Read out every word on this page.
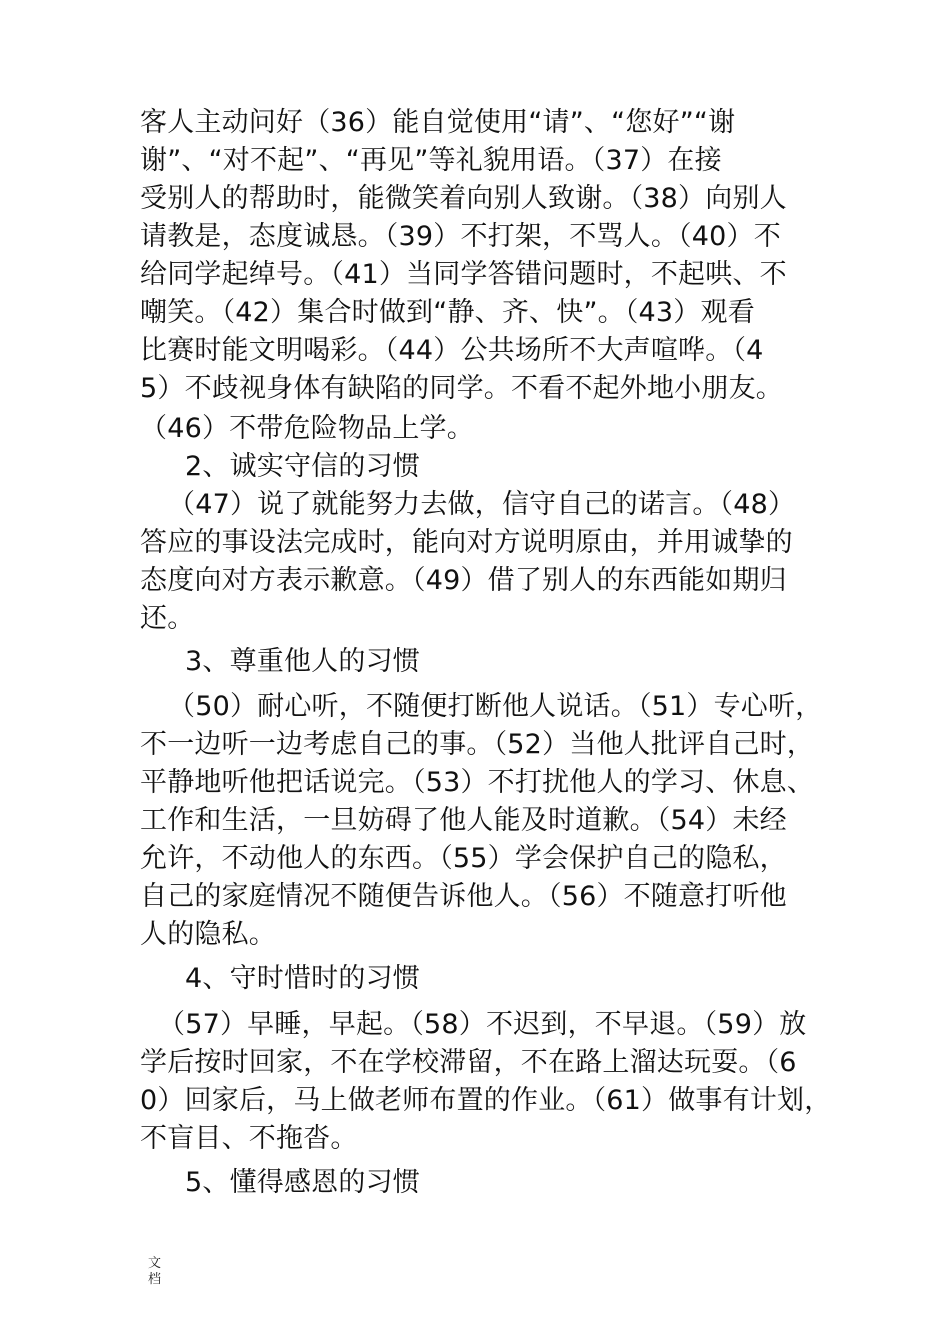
客人主动问好（36）能自觉使用“请”、“您好”“谢
谢”、“对不起”、“再见”等礼貌用语。（37）在接
受别人的帮助时，能微笑着向别人致谢。（38）向别人
请教是，态度诚恳。（39）不打架，不骂人。（40）不
给同学起绰号。（41）当同学答错问题时，不起哄、不
嘲笑。（42）集合时做到“静、齐、快”。（43）观看
比赛时能文明喝彩。（44）公共场所不大声喧哗。（4
5）不歧视身体有缺陷的同学。不看不起外地小朋友。
（46）不带危险物品上学。
2、诚实守信的习惯
（47）说了就能努力去做，信守自己的诺言。（48）
答应的事设法完成时，能向对方说明原由，并用诚挚的
态度向对方表示歉意。（49）借了别人的东西能如期归
还。
3、尊重他人的习惯
（50）耐心听，不随便打断他人说话。（51）专心听，
不一边听一边考虑自己的事。（52）当他人批评自己时，
平静地听他把话说完。（53）不打扰他人的学习、休息、
工作和生活，一旦妨碍了他人能及时道歉。（54）未经
允许，不动他人的东西。（55）学会保护自己的隐私，
自己的家庭情况不随便告诉他人。（56）不随意打听他
人的隐私。
4、守时惜时的习惯
（57）早睡，早起。（58）不迟到，不早退。（59）放
学后按时回家，不在学校滞留，不在路上溜达玩耍。（6
0）回家后，马上做老师布置的作业。（61）做事有计划，
不盲目、不拖沓。
5、懂得感恩的习惯
文档
